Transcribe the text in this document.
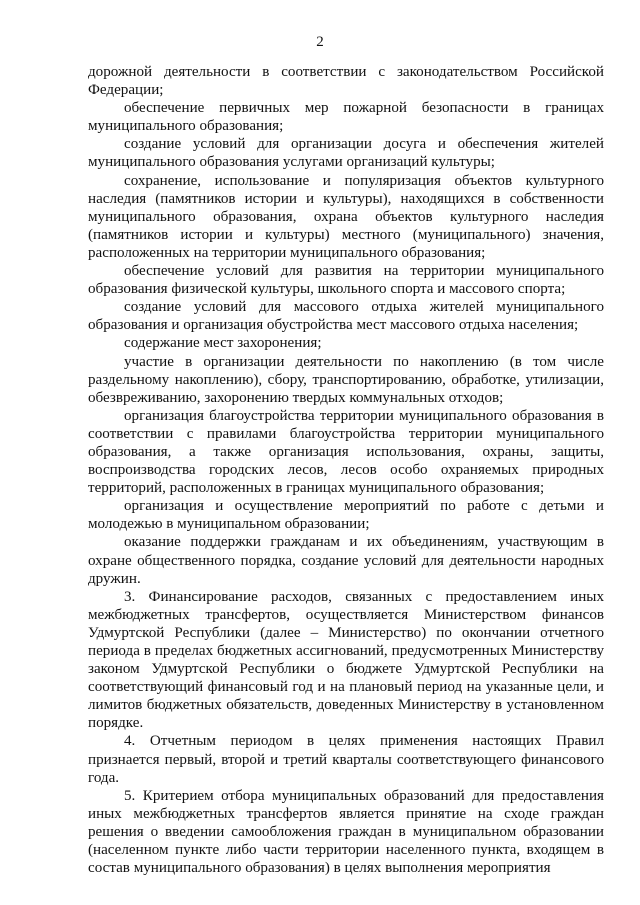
2

дорожной деятельности в соответствии с законодательством Российской Федерации;

обеспечение первичных мер пожарной безопасности в границах муниципального образования;

создание условий для организации досуга и обеспечения жителей муниципального образования услугами организаций культуры;

сохранение, использование и популяризация объектов культурного наследия (памятников истории и культуры), находящихся в собственности муниципального образования, охрана объектов культурного наследия (памятников истории и культуры) местного (муниципального) значения, расположенных на территории муниципального образования;

обеспечение условий для развития на территории муниципального образования физической культуры, школьного спорта и массового спорта;

создание условий для массового отдыха жителей муниципального образования и организация обустройства мест массового отдыха населения;

содержание мест захоронения;

участие в организации деятельности по накоплению (в том числе раздельному накоплению), сбору, транспортированию, обработке, утилизации, обезвреживанию, захоронению твердых коммунальных отходов;

организация благоустройства территории муниципального образования в соответствии с правилами благоустройства территории муниципального образования, а также организация использования, охраны, защиты, воспроизводства городских лесов, лесов особо охраняемых природных территорий, расположенных в границах муниципального образования;

организация и осуществление мероприятий по работе с детьми и молодежью в муниципальном образовании;

оказание поддержки гражданам и их объединениям, участвующим в охране общественного порядка, создание условий для деятельности народных дружин.

3. Финансирование расходов, связанных с предоставлением иных межбюджетных трансфертов, осуществляется Министерством финансов Удмуртской Республики (далее – Министерство) по окончании отчетного периода в пределах бюджетных ассигнований, предусмотренных Министерству законом Удмуртской Республики о бюджете Удмуртской Республики на соответствующий финансовый год и на плановый период на указанные цели, и лимитов бюджетных обязательств, доведенных Министерству в установленном порядке.

4. Отчетным периодом в целях применения настоящих Правил признается первый, второй и третий кварталы соответствующего финансового года.

5. Критерием отбора муниципальных образований для предоставления иных межбюджетных трансфертов является принятие на сходе граждан решения о введении самообложения граждан в муниципальном образовании (населенном пункте либо части территории населенного пункта, входящем в состав муниципального образования) в целях выполнения мероприятия
